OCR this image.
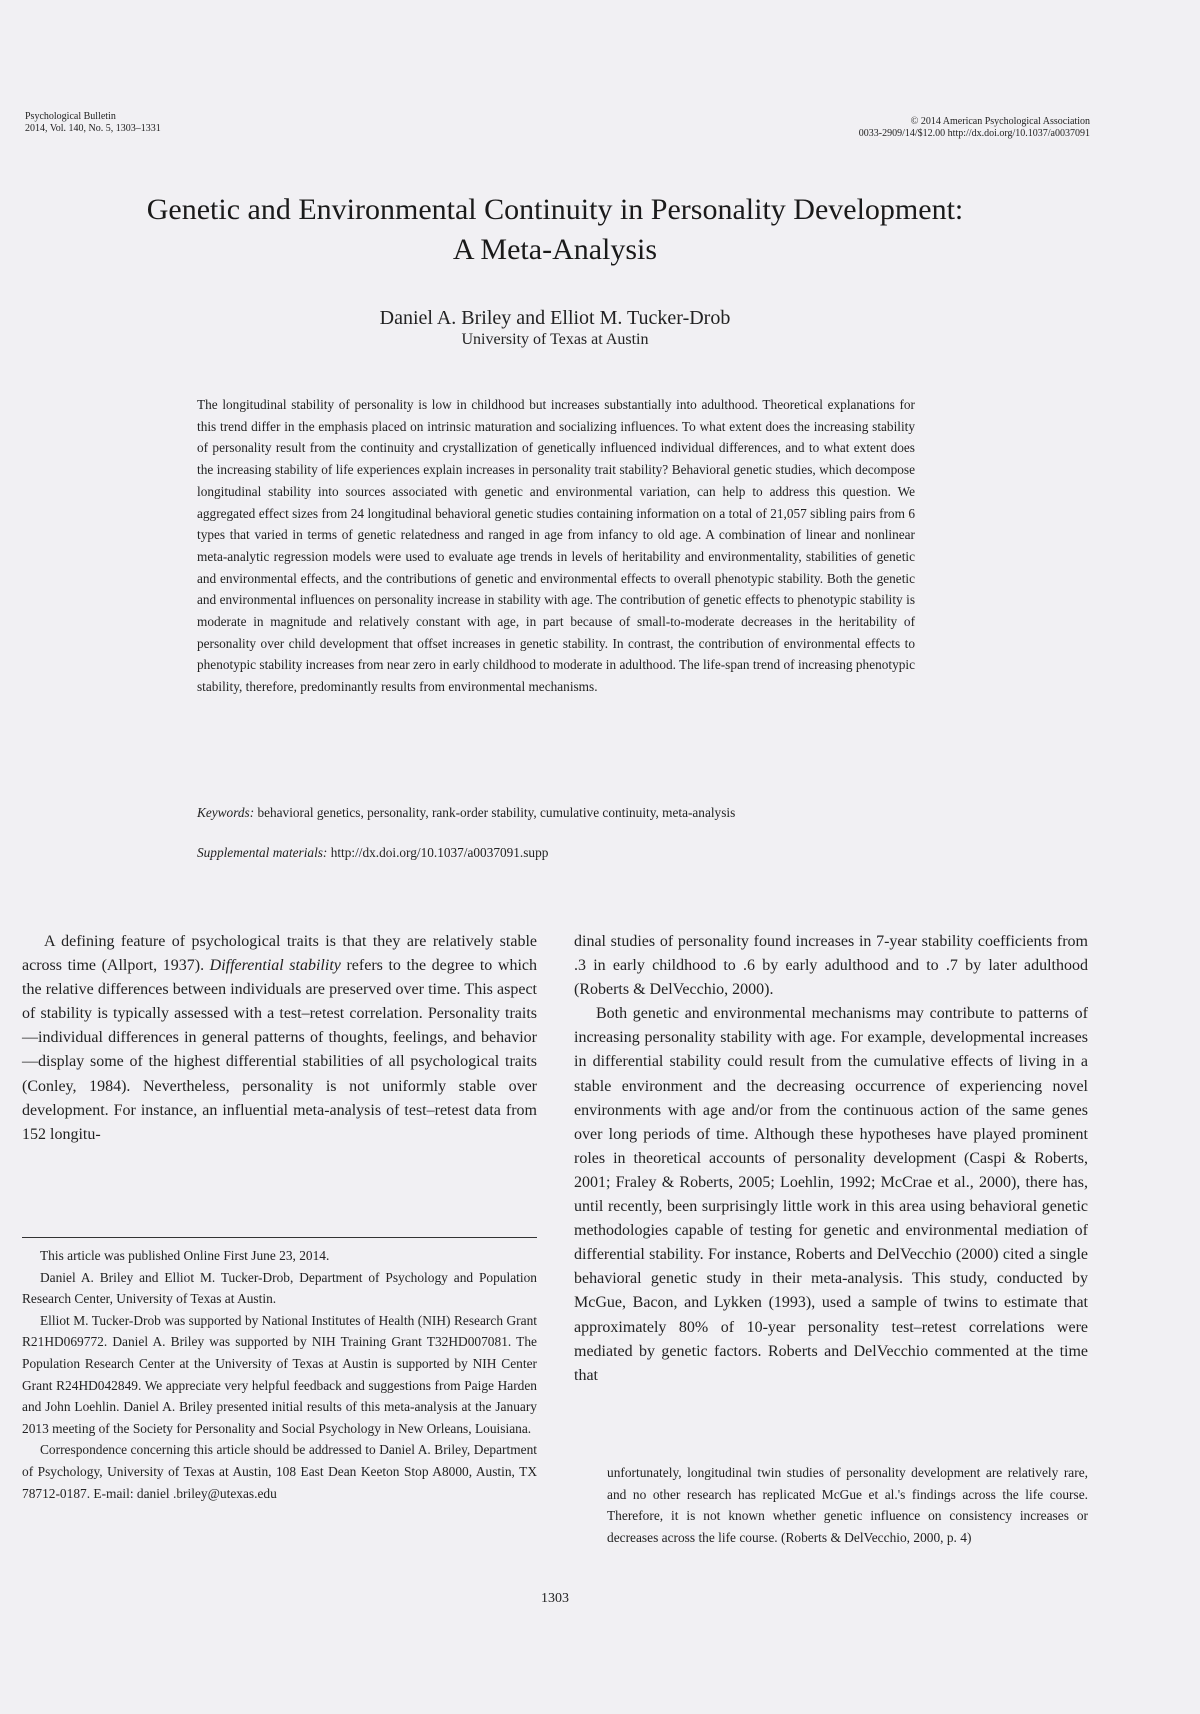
Psychological Bulletin
2014, Vol. 140, No. 5, 1303–1331
© 2014 American Psychological Association
0033-2909/14/$12.00 http://dx.doi.org/10.1037/a0037091
Genetic and Environmental Continuity in Personality Development:
A Meta-Analysis
Daniel A. Briley and Elliot M. Tucker-Drob
University of Texas at Austin
The longitudinal stability of personality is low in childhood but increases substantially into adulthood. Theoretical explanations for this trend differ in the emphasis placed on intrinsic maturation and socializing influences. To what extent does the increasing stability of personality result from the continuity and crystallization of genetically influenced individual differences, and to what extent does the increasing stability of life experiences explain increases in personality trait stability? Behavioral genetic studies, which decompose longitudinal stability into sources associated with genetic and environmental variation, can help to address this question. We aggregated effect sizes from 24 longitudinal behavioral genetic studies containing information on a total of 21,057 sibling pairs from 6 types that varied in terms of genetic relatedness and ranged in age from infancy to old age. A combination of linear and nonlinear meta-analytic regression models were used to evaluate age trends in levels of heritability and environmentality, stabilities of genetic and environmental effects, and the contributions of genetic and environmental effects to overall phenotypic stability. Both the genetic and environmental influences on personality increase in stability with age. The contribution of genetic effects to phenotypic stability is moderate in magnitude and relatively constant with age, in part because of small-to-moderate decreases in the heritability of personality over child development that offset increases in genetic stability. In contrast, the contribution of environmental effects to phenotypic stability increases from near zero in early childhood to moderate in adulthood. The life-span trend of increasing phenotypic stability, therefore, predominantly results from environmental mechanisms.
Keywords: behavioral genetics, personality, rank-order stability, cumulative continuity, meta-analysis
Supplemental materials: http://dx.doi.org/10.1037/a0037091.supp

A defining feature of psychological traits is that they are relatively stable across time (Allport, 1937). Differential stability refers to the degree to which the relative differences between individuals are preserved over time. This aspect of stability is typically assessed with a test–retest correlation. Personality traits—individual differences in general patterns of thoughts, feelings, and behavior—display some of the highest differential stabilities of all psychological traits (Conley, 1984). Nevertheless, personality is not uniformly stable over development. For instance, an influential meta-analysis of test–retest data from 152 longitu-

This article was published Online First June 23, 2014.

Daniel A. Briley and Elliot M. Tucker-Drob, Department of Psychology and Population Research Center, University of Texas at Austin.

Elliot M. Tucker-Drob was supported by National Institutes of Health (NIH) Research Grant R21HD069772. Daniel A. Briley was supported by NIH Training Grant T32HD007081. The Population Research Center at the University of Texas at Austin is supported by NIH Center Grant R24HD042849. We appreciate very helpful feedback and suggestions from Paige Harden and John Loehlin. Daniel A. Briley presented initial results of this meta-analysis at the January 2013 meeting of the Society for Personality and Social Psychology in New Orleans, Louisiana.

Correspondence concerning this article should be addressed to Daniel A. Briley, Department of Psychology, University of Texas at Austin, 108 East Dean Keeton Stop A8000, Austin, TX 78712-0187. E-mail: daniel .briley@utexas.edu

dinal studies of personality found increases in 7-year stability coefficients from .3 in early childhood to .6 by early adulthood and to .7 by later adulthood (Roberts & DelVecchio, 2000).

Both genetic and environmental mechanisms may contribute to patterns of increasing personality stability with age. For example, developmental increases in differential stability could result from the cumulative effects of living in a stable environment and the decreasing occurrence of experiencing novel environments with age and/or from the continuous action of the same genes over long periods of time. Although these hypotheses have played prominent roles in theoretical accounts of personality development (Caspi & Roberts, 2001; Fraley & Roberts, 2005; Loehlin, 1992; McCrae et al., 2000), there has, until recently, been surprisingly little work in this area using behavioral genetic methodologies capable of testing for genetic and environmental mediation of differential stability. For instance, Roberts and DelVecchio (2000) cited a single behavioral genetic study in their meta-analysis. This study, conducted by McGue, Bacon, and Lykken (1993), used a sample of twins to estimate that approximately 80% of 10-year personality test–retest correlations were mediated by genetic factors. Roberts and DelVecchio commented at the time that

unfortunately, longitudinal twin studies of personality development are relatively rare, and no other research has replicated McGue et al.'s findings across the life course. Therefore, it is not known whether genetic influence on consistency increases or decreases across the life course. (Roberts & DelVecchio, 2000, p. 4)
1303
